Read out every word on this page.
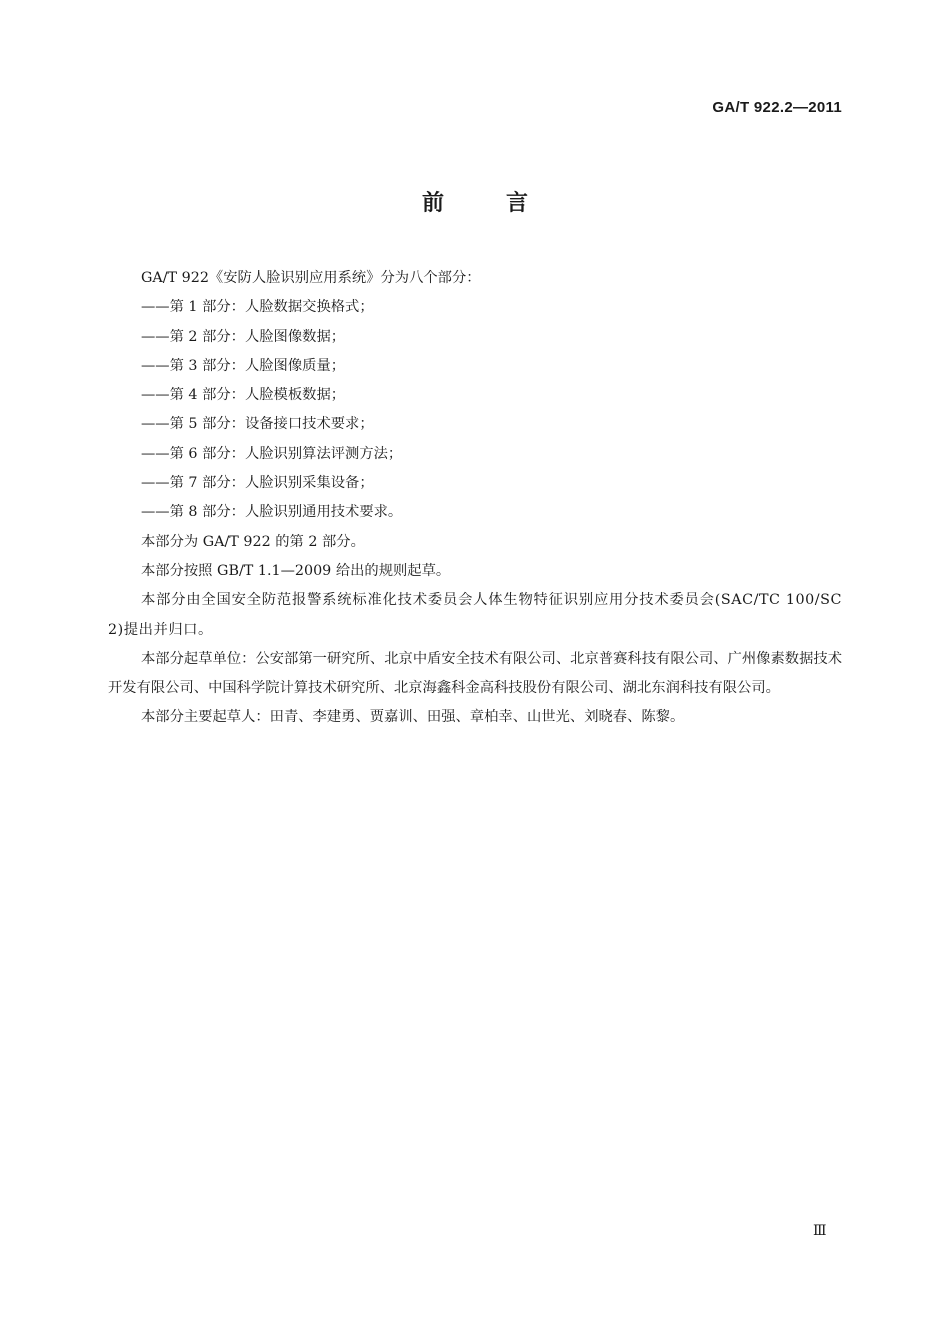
GA/T 922.2—2011
前言

GA/T 922《安防人脸识别应用系统》分为八个部分：

——第 1 部分：人脸数据交换格式；

——第 2 部分：人脸图像数据；

——第 3 部分：人脸图像质量；

——第 4 部分：人脸模板数据；

——第 5 部分：设备接口技术要求；

——第 6 部分：人脸识别算法评测方法；

——第 7 部分：人脸识别采集设备；

——第 8 部分：人脸识别通用技术要求。

本部分为 GA/T 922 的第 2 部分。

本部分按照 GB/T 1.1—2009 给出的规则起草。

本部分由全国安全防范报警系统标准化技术委员会人体生物特征识别应用分技术委员会(SAC/TC 100/SC 2)提出并归口。

本部分起草单位：公安部第一研究所、北京中盾安全技术有限公司、北京普赛科技有限公司、广州像素数据技术开发有限公司、中国科学院计算技术研究所、北京海鑫科金高科技股份有限公司、湖北东润科技有限公司。

本部分主要起草人：田青、李建勇、贾嘉训、田强、章柏幸、山世光、刘晓春、陈黎。

Ⅲ
